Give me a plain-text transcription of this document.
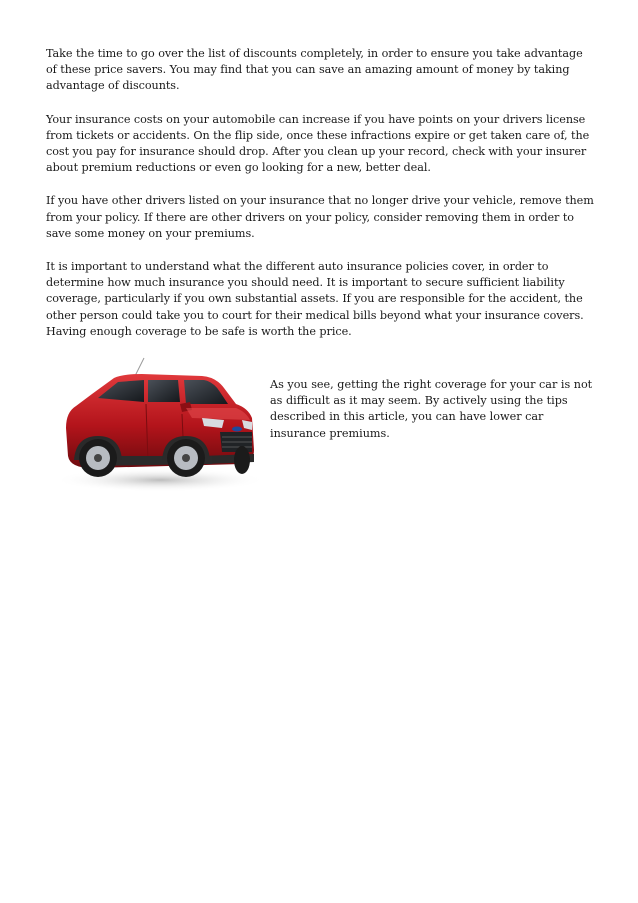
Take the time to go over the list of discounts completely, in order to ensure you take advantage of these price savers. You may find that you can save an amazing amount of money by taking advantage of discounts.

Your insurance costs on your automobile can increase if you have points on your drivers license from tickets or accidents. On the flip side, once these infractions expire or get taken care of, the cost you pay for insurance should drop. After you clean up your record, check with your insurer about premium reductions or even go looking for a new, better deal.

If you have other drivers listed on your insurance that no longer drive your vehicle, remove them from your policy. If there are other drivers on your policy, consider removing them in order to save some money on your premiums.

It is important to understand what the different auto insurance policies cover, in order to determine how much insurance you should need. It is important to secure sufficient liability coverage, particularly if you own substantial assets. If you are responsible for the accident, the other person could take you to court for their medical bills beyond what your insurance covers. Having enough coverage to be safe is worth the price.

As you see, getting the right coverage for your car is not as difficult as it may seem. By actively using the tips described in this article, you can have lower car insurance premiums.
